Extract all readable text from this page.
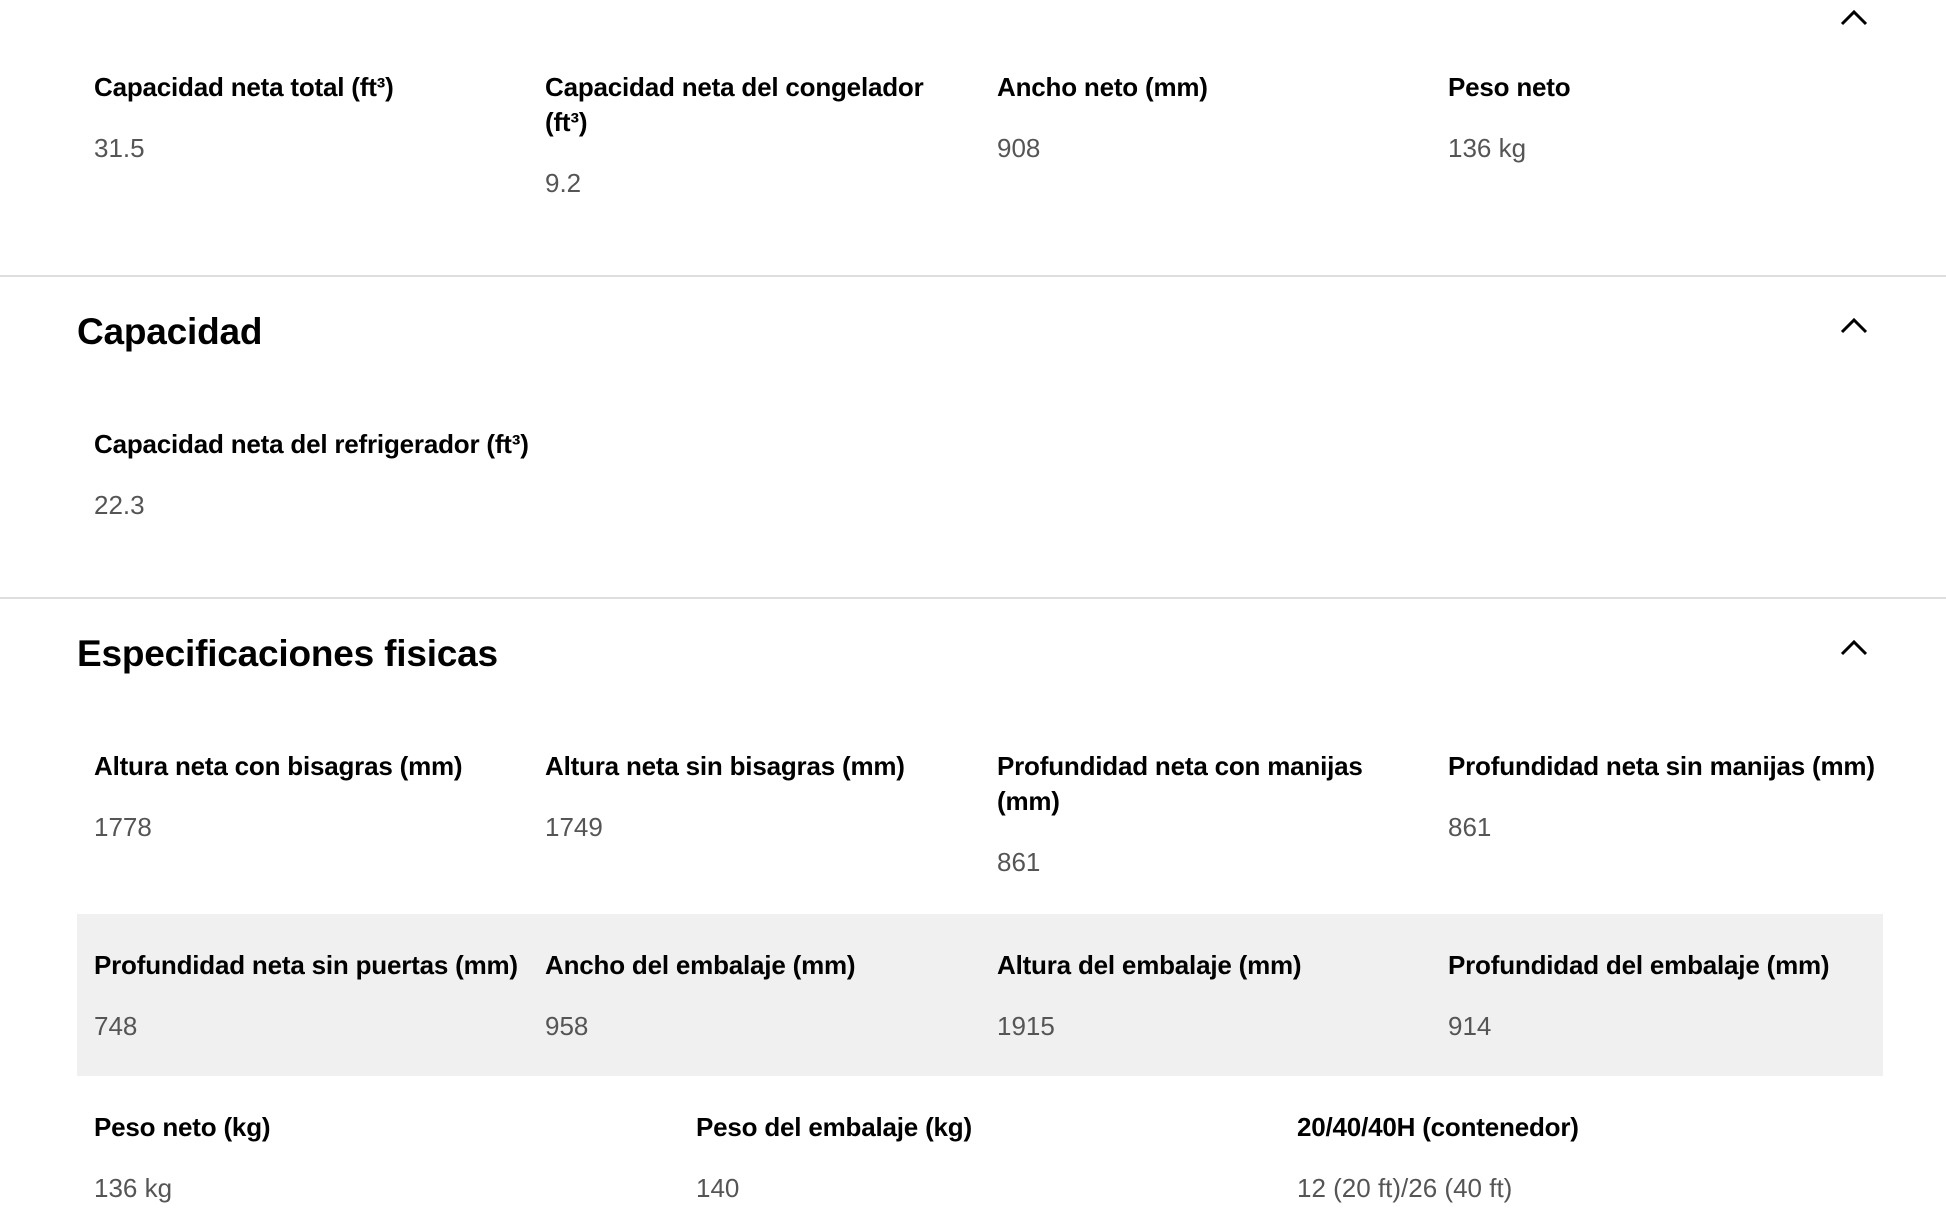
Capacidad neta total (ft³)
31.5
Capacidad neta del congelador (ft³)
9.2
Ancho neto (mm)
908
Peso neto
136 kg
Capacidad
Capacidad neta del refrigerador (ft³)
22.3
Especificaciones fisicas
Altura neta con bisagras (mm)
1778
Altura neta sin bisagras (mm)
1749
Profundidad neta con manijas (mm)
861
Profundidad neta sin manijas (mm)
861
Profundidad neta sin puertas (mm)
748
Ancho del embalaje (mm)
958
Altura del embalaje (mm)
1915
Profundidad del embalaje (mm)
914
Peso neto (kg)
136 kg
Peso del embalaje (kg)
140
20/40/40H (contenedor)
12 (20 ft)/26 (40 ft)
